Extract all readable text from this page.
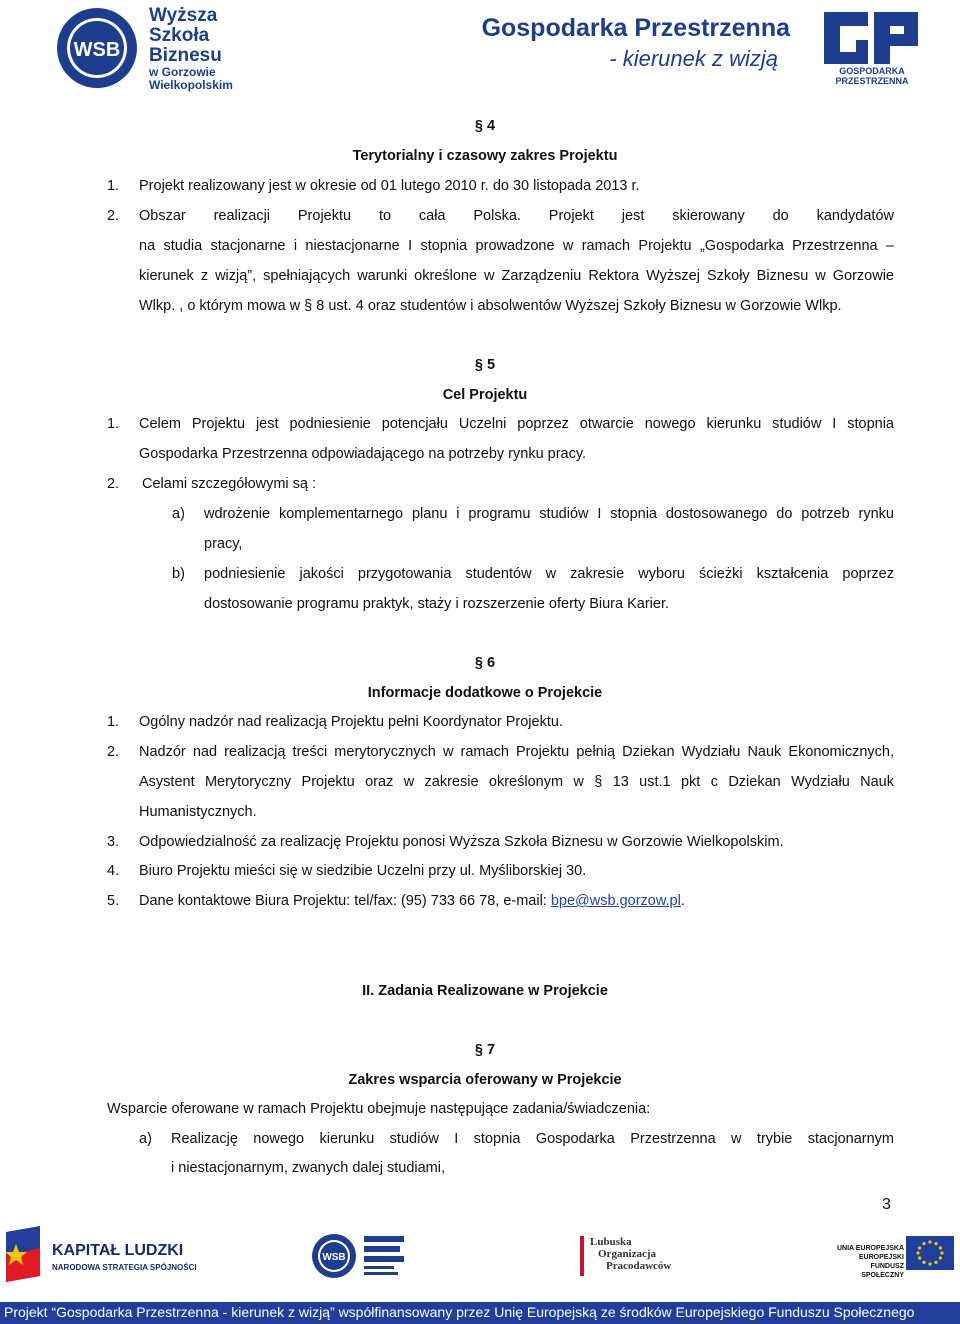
WSB
Wyższa
Szkoła
Biznesu
w Gorzowie
Wielkopolskim
Gospodarka Przestrzenna
- kierunek z wizją	GOSPODARKA PRZESTRZENNA
§ 4
Terytorialny i czasowy zakres Projektu
1. Projekt realizowany jest w okresie od 01 lutego 2010 r. do 30 listopada 2013 r.
2. Obszar realizacji Projektu to cała Polska. Projekt jest skierowany do kandydatów
na studia stacjonarne i niestacjonarne I stopnia prowadzone w ramach Projektu „Gospodarka Przestrzenna –
kierunek z wizją”, spełniających warunki określone w Zarządzeniu Rektora Wyższej Szkoły Biznesu w Gorzowie
Wlkp. , o którym mowa w § 8 ust. 4 oraz studentów i absolwentów Wyższej Szkoły Biznesu w Gorzowie Wlkp.
§ 5
Cel Projektu
1. Celem Projektu jest podniesienie potencjału Uczelni poprzez otwarcie nowego kierunku studiów I stopnia
Gospodarka Przestrzenna odpowiadającego na potrzeby rynku pracy.
2. Celami szczegółowymi są :
a) wdrożenie komplementarnego planu i programu studiów I stopnia dostosowanego do potrzeb rynku
pracy,
b) podniesienie jakości przygotowania studentów w zakresie wyboru ścieżki kształcenia poprzez
dostosowanie programu praktyk, staży i rozszerzenie oferty Biura Karier.
§ 6
Informacje dodatkowe o Projekcie
1. Ogólny nadzór nad realizacją Projektu pełni Koordynator Projektu.
2. Nadzór nad realizacją treści merytorycznych w ramach Projektu pełnią Dziekan Wydziału Nauk Ekonomicznych,
Asystent Merytoryczny Projektu oraz w zakresie określonym w § 13 ust.1 pkt c Dziekan Wydziału Nauk
Humanistycznych.
3. Odpowiedzialność za realizację Projektu ponosi Wyższa Szkoła Biznesu w Gorzowie Wielkopolskim.
4. Biuro Projektu mieści się w siedzibie Uczelni przy ul. Myśliborskiej 30.
5. Dane kontaktowe Biura Projektu: tel/fax: (95) 733 66 78, e-mail: bpe@wsb.gorzow.pl.
II. Zadania Realizowane w Projekcie
§ 7
Zakres wsparcia oferowany w Projekcie
Wsparcie oferowane w ramach Projektu obejmuje następujące zadania/świadczenia:
a) Realizację nowego kierunku studiów I stopnia Gospodarka Przestrzenna w trybie stacjonarnym
i niestacjonarnym, zwanych dalej studiami,
3
KAPITAŁ LUDZKI
NARODOWA STRATEGIA SPÓJNOŚCI
WSB
Lubuska
Organizacja
Pracodawców
UNIA EUROPEJSKA
EUROPEJSKI
FUNDUSZ SPOŁECZNY
Projekt “Gospodarka Przestrzenna - kierunek z wizją” współfinansowany przez Unię Europejską ze środków Europejskiego Funduszu Społecznego
